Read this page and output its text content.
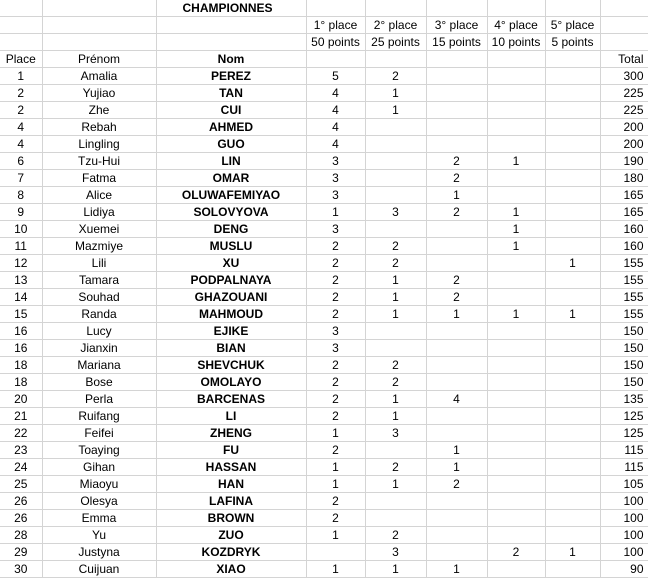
		CHAMPIONNES						
			1° place	2° place	3° place	4° place	5° place	
			50 points	25 points	15 points	10 points	5 points	
Place	Prénom	Nom						Total
1	Amalia	PEREZ	5	2				300
2	Yujiao	TAN	4	1				225
2	Zhe	CUI	4	1				225
4	Rebah	AHMED	4					200
4	Lingling	GUO	4					200
6	Tzu-Hui	LIN	3		2	1		190
7	Fatma	OMAR	3		2			180
8	Alice	OLUWAFEMIYAO	3		1			165
9	Lidiya	SOLOVYOVA	1	3	2	1		165
10	Xuemei	DENG	3			1		160
11	Mazmiye	MUSLU	2	2		1		160
12	Lili	XU	2	2			1	155
13	Tamara	PODPALNAYA	2	1	2			155
14	Souhad	GHAZOUANI	2	1	2			155
15	Randa	MAHMOUD	2	1	1	1	1	155
16	Lucy	EJIKE	3					150
16	Jianxin	BIAN	3					150
18	Mariana	SHEVCHUK	2	2				150
18	Bose	OMOLAYO	2	2				150
20	Perla	BARCENAS	2	1	4			135
21	Ruifang	LI	2	1				125
22	Feifei	ZHENG	1	3				125
23	Toaying	FU	2		1			115
24	Gihan	HASSAN	1	2	1			115
25	Miaoyu	HAN	1	1	2			105
26	Olesya	LAFINA	2					100
26	Emma	BROWN	2					100
28	Yu	ZUO	1	2				100
29	Justyna	KOZDRYK		3		2	1	100
30	Cuijuan	XIAO	1	1	1			90
